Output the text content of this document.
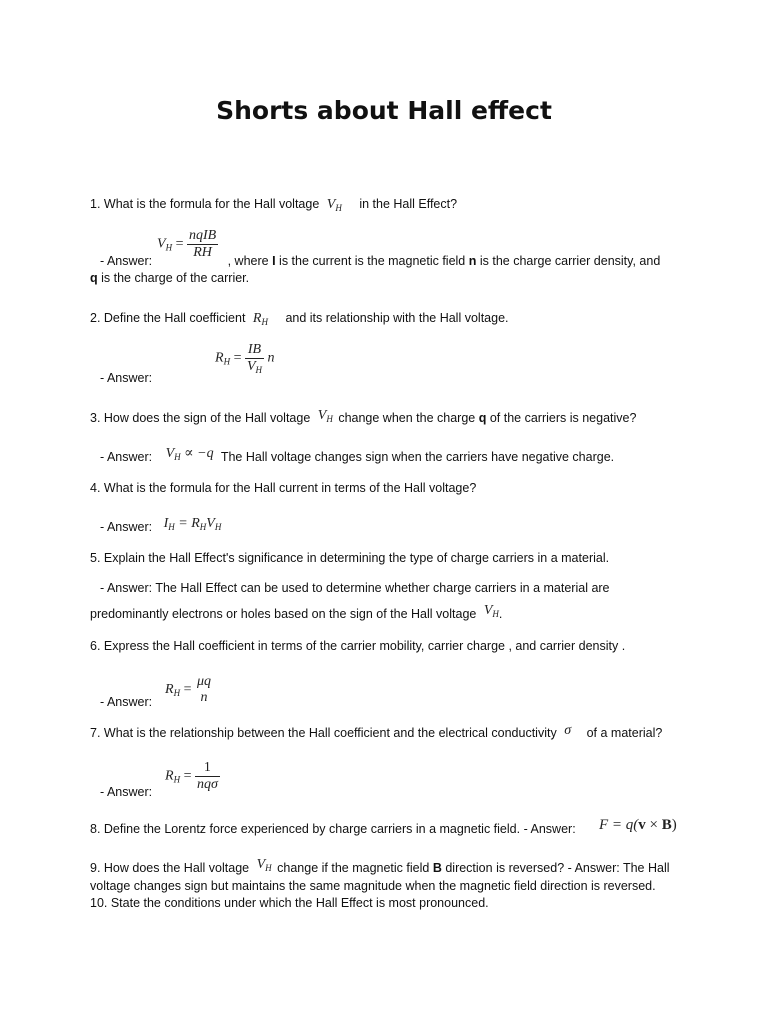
Shorts about Hall effect
1. What is the formula for the Hall voltage $V_H$ in the Hall Effect?
$V_H = \frac{\text{nqIB}}{RH}$
- Answer:	, where I is the current is the magnetic field n is the charge carrier density, and
q is the charge of the carrier.
2. Define the Hall coefficient $R_H$ and its relationship with the Hall voltage.
$R_H = \frac{IB}{V_H}$ n
- Answer:
3. How does the sign of the Hall voltage $V_H$ change when the charge q of the carriers is negative?
- Answer: $V_H \propto -q$ The Hall voltage changes sign when the carriers have negative charge.
4. What is the formula for the Hall current in terms of the Hall voltage?
- Answer: $I_H = R_HV_H$
5. Explain the Hall Effect's significance in determining the type of charge carriers in a material.
- Answer: The Hall Effect can be used to determine whether charge carriers in a material are
predominantly electrons or holes based on the sign of the Hall voltage $V_H$.
6. Express the Hall coefficient in terms of the carrier mobility, carrier charge , and carrier density .
$R_H$ =
μq
n
- Answer:
7. What is the relationship between the Hall coefficient and the electrical conductivity σ of a material?
$R_H = \frac{1}{\text{nqσ}}$
- Answer:
8. Define the Lorentz force experienced by charge carriers in a magnetic field. - Answer: F = q(v × B)
9. How does the Hall voltage $V_H$ change if the magnetic field B direction is reversed? - Answer: The Hall
voltage changes sign but maintains the same magnitude when the magnetic field direction is reversed.
10. State the conditions under which the Hall Effect is most pronounced.
